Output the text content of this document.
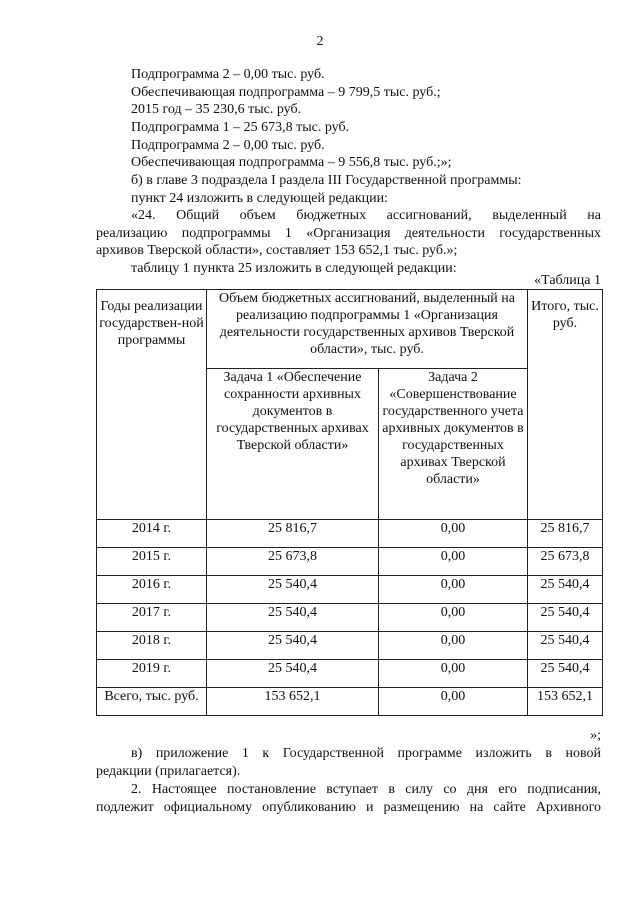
2
Подпрограмма 2 – 0,00 тыс. руб.
Обеспечивающая подпрограмма – 9 799,5 тыс. руб.;
2015 год – 35 230,6 тыс. руб.
Подпрограмма 1 – 25 673,8 тыс. руб.
Подпрограмма 2 – 0,00 тыс. руб.
Обеспечивающая подпрограмма – 9 556,8 тыс. руб.;»;
б) в главе 3 подраздела I раздела III Государственной программы:
пункт 24 изложить в следующей редакции:
«24. Общий объем бюджетных ассигнований, выделенный на
реализацию подпрограммы 1 «Организация деятельности государственных
архивов Тверской области», составляет 153 652,1 тыс. руб.»;
таблицу 1 пункта 25 изложить в следующей редакции:
«Таблица 1
Годы реализации государствен-ной программы	Объем бюджетных ассигнований, выделенный на реализацию подпрограммы 1 «Организация деятельности государственных архивов Тверской области», тыс. руб.		Итого, тыс. руб.
	Задача 1 «Обеспечение сохранности архивных документов в государственных архивах Тверской области»	Задача 2 «Совершенствование государственного учета архивных документов в государственных архивах Тверской области»	
2014 г.	25 816,7	0,00	25 816,7
2015 г.	25 673,8	0,00	25 673,8
2016 г.	25 540,4	0,00	25 540,4
2017 г.	25 540,4	0,00	25 540,4
2018 г.	25 540,4	0,00	25 540,4
2019 г.	25 540,4	0,00	25 540,4
Всего, тыс. руб.	153 652,1	0,00	153 652,1
»;
в) приложение 1 к Государственной программе изложить в новой
редакции (прилагается).
2. Настоящее постановление вступает в силу со дня его подписания,
подлежит официальному опубликованию и размещению на сайте Архивного
